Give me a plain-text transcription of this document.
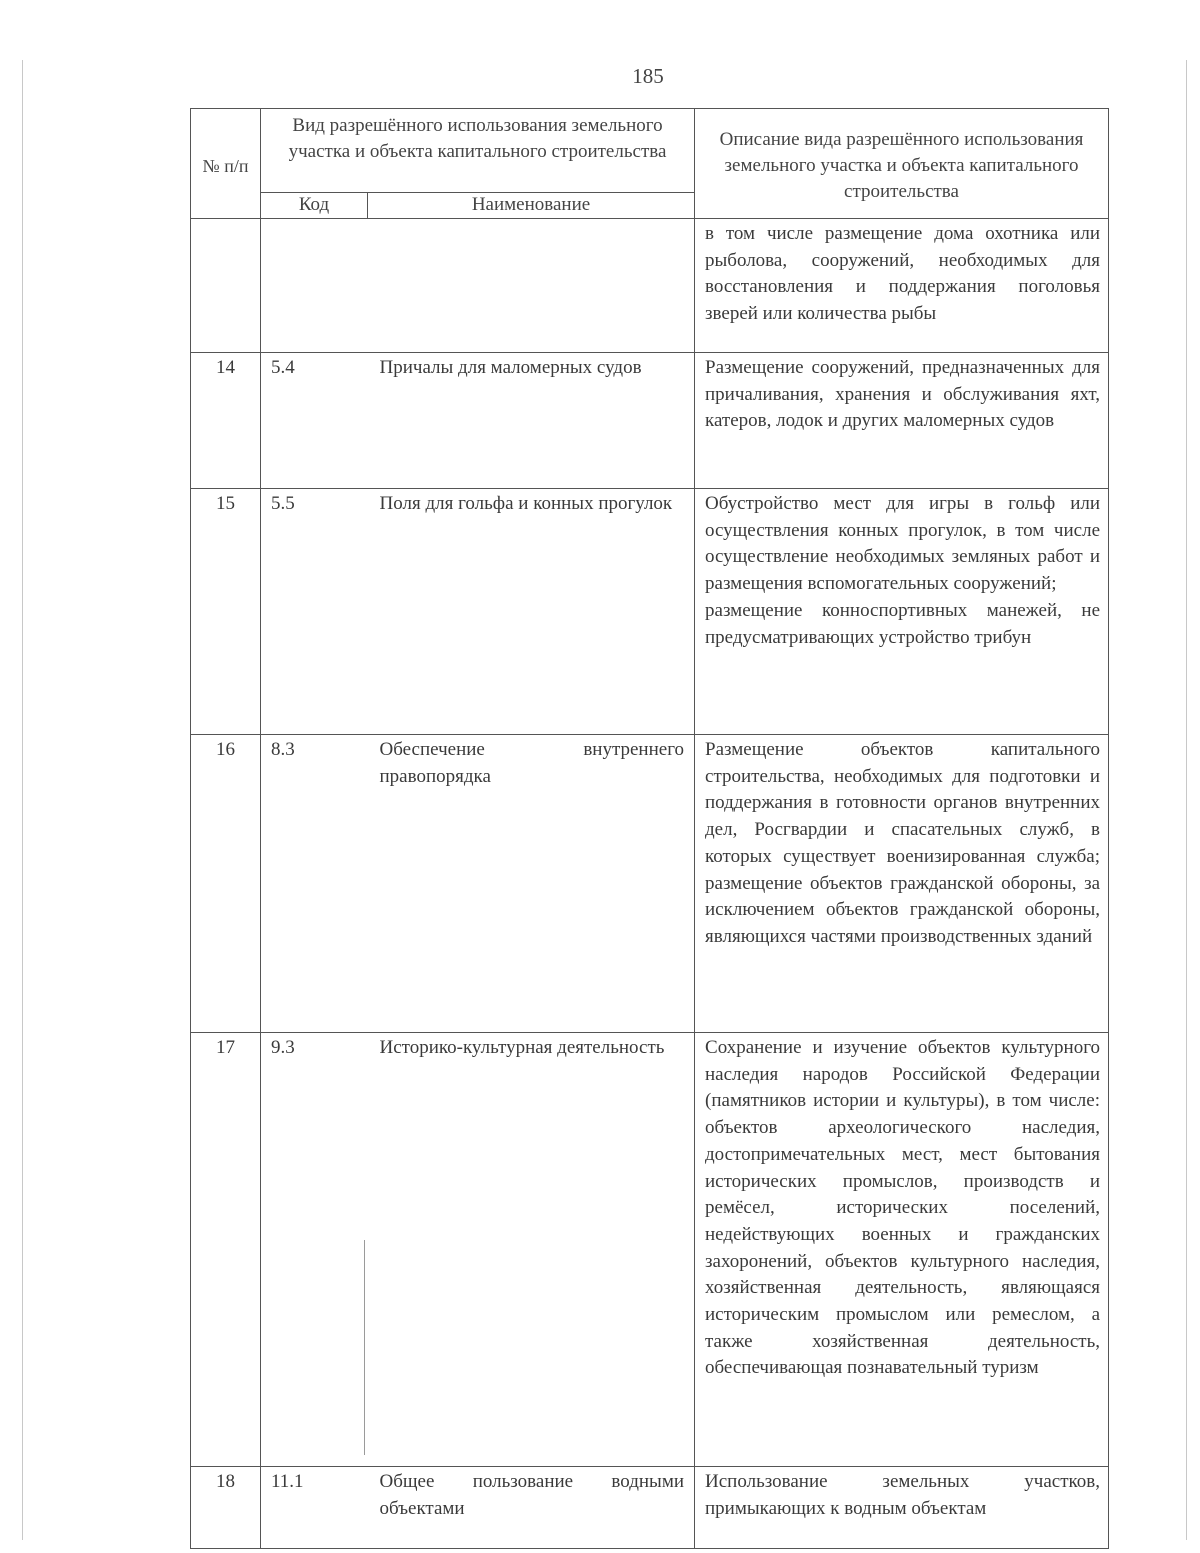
185
№ п/п	Вид разрешённого использования земельного участка и объекта капитального строительства		Описание вида разрешённого использования земельного участка и объекта капитального строительства
	Код	Наименование	

			в том числе размещение дома охотника или рыболова, сооружений, необходимых для восстановления и поддержания поголовья зверей или количества рыбы

14	5.4	Причалы для маломерных судов	Размещение сооружений, предназначенных для причаливания, хранения и обслуживания яхт, катеров, лодок и других маломерных судов

15	5.5	Поля для гольфа и конных прогулок	Обустройство мест для игры в гольф или осуществления конных прогулок, в том числе осуществление необходимых земляных работ и размещения вспомогательных сооружений;

размещение конноспортивных манежей, не предусматривающих устройство трибун

16	8.3	Обеспечение внутреннего правопорядка	Размещение объектов капитального строительства, необходимых для подготовки и поддержания в готовности органов внутренних дел, Росгвардии и спасательных служб, в которых существует военизированная служба; размещение объектов гражданской обороны, за исключением объектов гражданской обороны, являющихся частями производственных зданий

17	9.3	Историко-культурная деятельность	Сохранение и изучение объектов культурного наследия народов Российской Федерации (памятников истории и культуры), в том числе: объектов археологического наследия, достопримечательных мест, мест бытования исторических промыслов, производств и ремёсел, исторических поселений, недействующих военных и гражданских захоронений, объектов культурного наследия, хозяйственная деятельность, являющаяся историческим промыслом или ремеслом, а также хозяйственная деятельность, обеспечивающая познавательный туризм

18	11.1	Общее пользование водными объектами	Использование земельных участков, примыкающих к водным объектам
